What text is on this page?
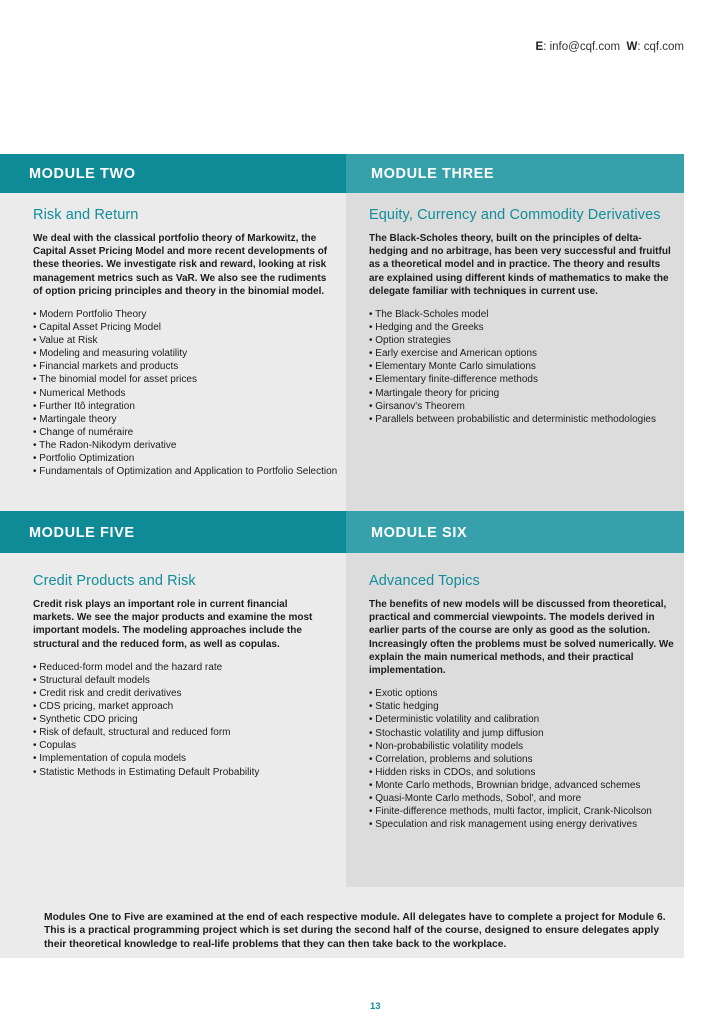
E: info@cqf.com W: cqf.com
MODULE TWO
Risk and Return

We deal with the classical portfolio theory of Markowitz, the Capital Asset Pricing Model and more recent developments of these theories. We investigate risk and reward, looking at risk management metrics such as VaR. We also see the rudiments of option pricing principles and theory in the binomial model.

• Modern Portfolio Theory
• Capital Asset Pricing Model
• Value at Risk
• Modeling and measuring volatility
• Financial markets and products
• The binomial model for asset prices
• Numerical Methods
• Further Itô integration
• Martingale theory
• Change of numéraire
• The Radon-Nikodym derivative
• Portfolio Optimization
• Fundamentals of Optimization and Application to Portfolio Selection
MODULE THREE
Equity, Currency and Commodity Derivatives

The Black-Scholes theory, built on the principles of delta-hedging and no arbitrage, has been very successful and fruitful as a theoretical model and in practice. The theory and results are explained using different kinds of mathematics to make the delegate familiar with techniques in current use.

• The Black-Scholes model
• Hedging and the Greeks
• Option strategies
• Early exercise and American options
• Elementary Monte Carlo simulations
• Elementary finite-difference methods
• Martingale theory for pricing
• Girsanov's Theorem
• Parallels between probabilistic and deterministic methodologies
MODULE FIVE
Credit Products and Risk

Credit risk plays an important role in current financial markets. We see the major products and examine the most important models. The modeling approaches include the structural and the reduced form, as well as copulas.

• Reduced-form model and the hazard rate
• Structural default models
• Credit risk and credit derivatives
• CDS pricing, market approach
• Synthetic CDO pricing
• Risk of default, structural and reduced form
• Copulas
• Implementation of copula models
• Statistic Methods in Estimating Default Probability
MODULE SIX
Advanced Topics

The benefits of new models will be discussed from theoretical, practical and commercial viewpoints. The models derived in earlier parts of the course are only as good as the solution. Increasingly often the problems must be solved numerically. We explain the main numerical methods, and their practical implementation.

• Exotic options
• Static hedging
• Deterministic volatility and calibration
• Stochastic volatility and jump diffusion
• Non-probabilistic volatility models
• Correlation, problems and solutions
• Hidden risks in CDOs, and solutions
• Monte Carlo methods, Brownian bridge, advanced schemes
• Quasi-Monte Carlo methods, Sobol', and more
• Finite-difference methods, multi factor, implicit, Crank-Nicolson
• Speculation and risk management using energy derivatives
Modules One to Five are examined at the end of each respective module. All delegates have to complete a project for Module 6. This is a practical programming project which is set during the second half of the course, designed to ensure delegates apply their theoretical knowledge to real-life problems that they can then take back to the workplace.
13
